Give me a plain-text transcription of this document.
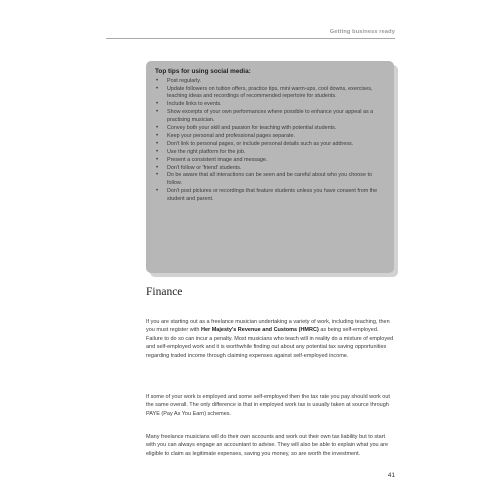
Getting business ready
Top tips for using social media:
• Post regularly.
• Update followers on tuition offers, practice tips, mini warm-ups, cool downs, exercises, teaching ideas and recordings of recommended repertoire for students.
• Include links to events.
• Show excerpts of your own performances where possible to enhance your appeal as a practising musician.
• Convey both your skill and passion for teaching with potential students.
• Keep your personal and professional pages separate.
• Don't link to personal pages, or include personal details such as your address.
• Use the right platform for the job.
• Present a consistent image and message.
• Don't follow or 'friend' students.
• Do be aware that all interactions can be seen and be careful about who you choose to follow.
• Don't post pictures or recordings that feature students unless you have consent from the student and parent.
Finance

If you are starting out as a freelance musician undertaking a variety of work, including teaching, then you must register with Her Majesty's Revenue and Customs (HMRC) as being self-employed. Failure to do so can incur a penalty. Most musicians who teach will in reality do a mixture of employed and self-employed work and it is worthwhile finding out about any potential tax saving opportunities regarding traded income through claiming expenses against self-employed income.

If some of your work is employed and some self-employed then the tax rate you pay should work out the same overall. The only difference is that in employed work tax is usually taken at source through PAYE (Pay As You Earn) schemes.

Many freelance musicians will do their own accounts and work out their own tax liability but to start with you can always engage an accountant to advise. They will also be able to explain what you are eligible to claim as legitimate expenses, saving you money, so are worth the investment.

41
